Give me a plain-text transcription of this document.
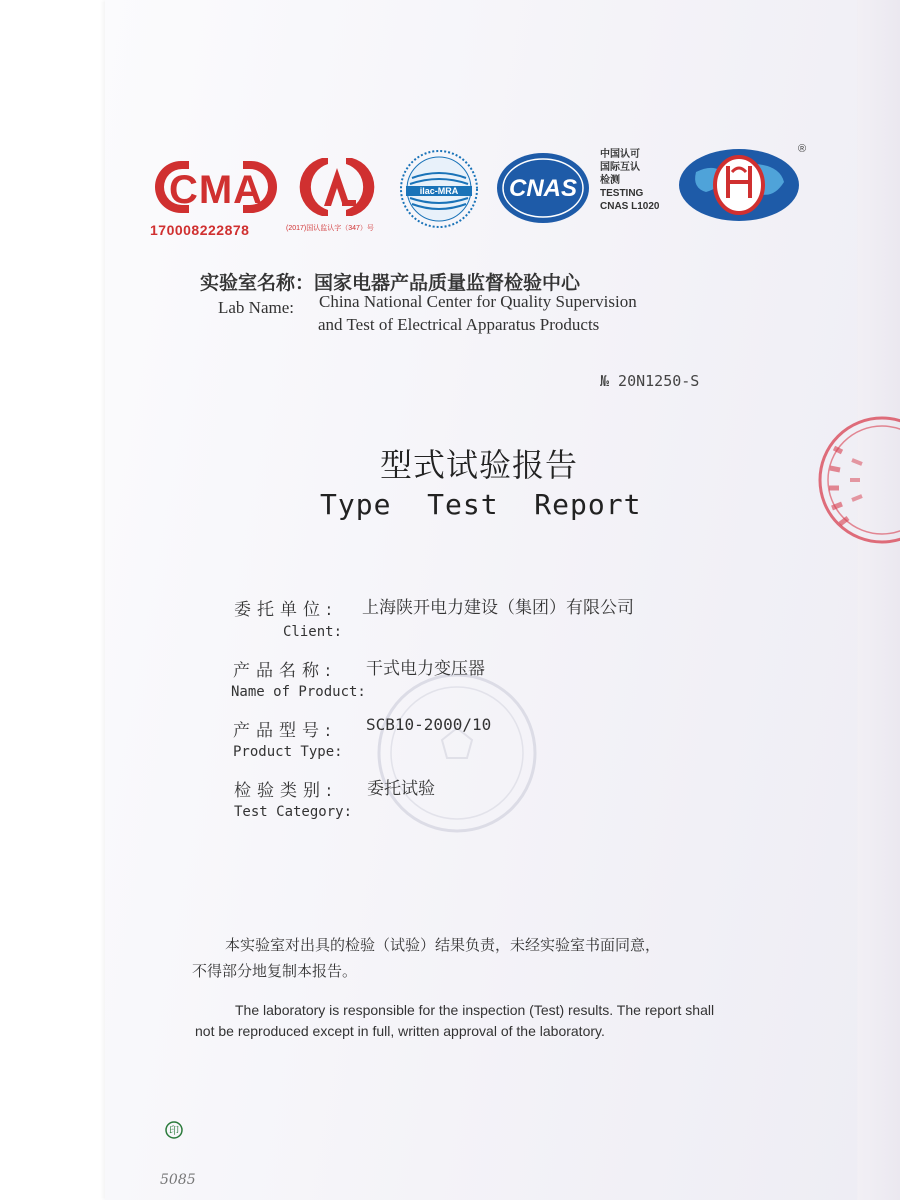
CMA
170008222878	(2017)国认监认字（347）号
ilac-MRA CNAS
中国认可
国际互认
检测
TESTING
CNAS L1020
®
实验室名称：国家电器产品质量监督检验中心
Lab Name:	China National Center for Quality Supervision
and Test of Electrical Apparatus Products
№ 20N1250-S
型式试验报告
Type  Test  Report
委托单位: 上海陕开电力建设（集团）有限公司
Client:
产品名称: 干式电力变压器
Name of Product:
产品型号: SCB10-2000/10
Product Type:
检验类别: 委托试验
Test Category:
本实验室对出具的检验（试验）结果负责，未经实验室书面同意，
不得部分地复制本报告。
The laboratory is responsible for the inspection (Test) results. The report shall
not be reproduced except in full, written approval of the laboratory.
印
5085
